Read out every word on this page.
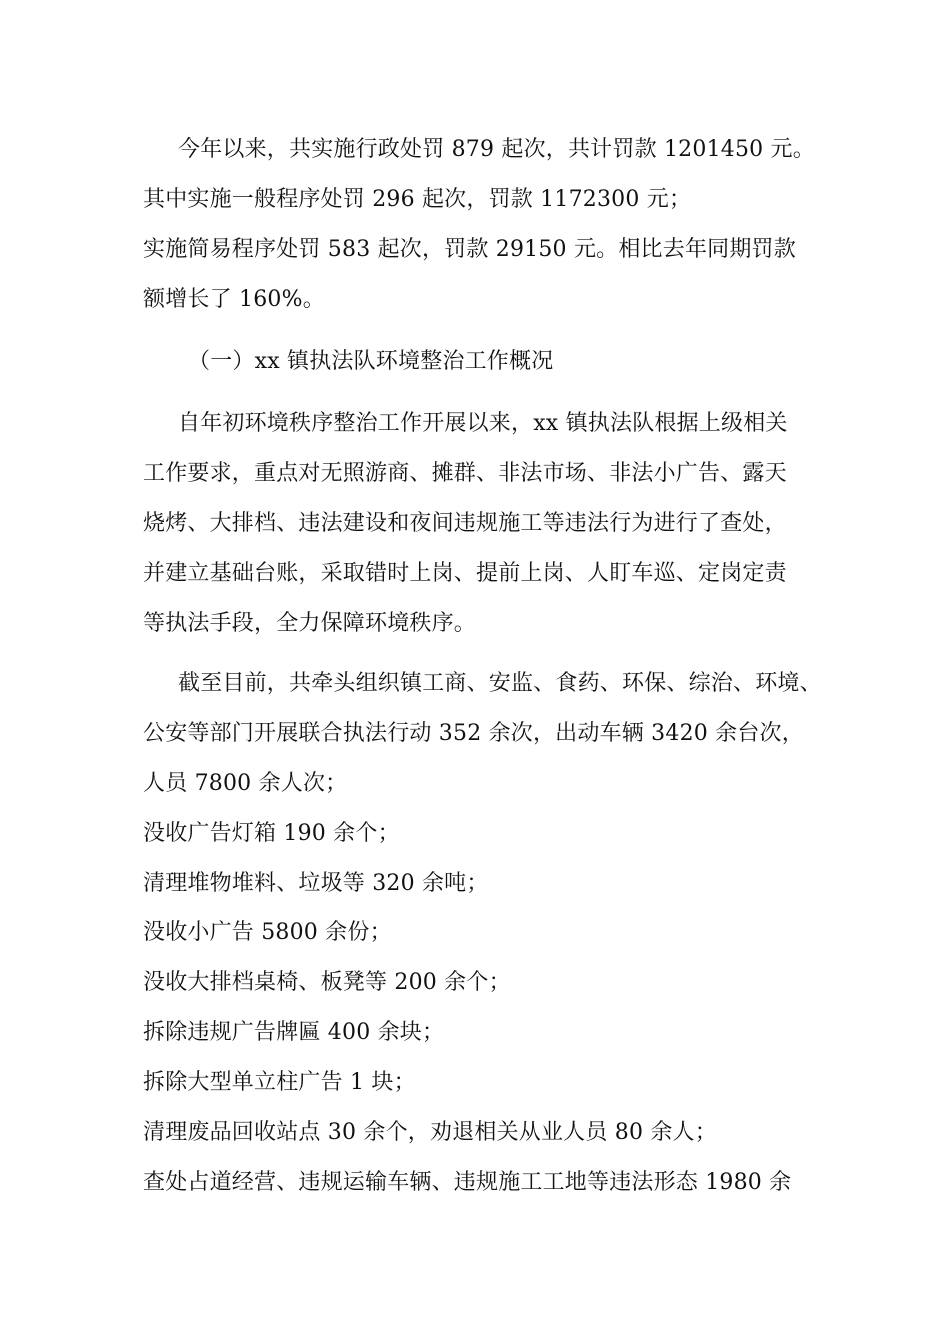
今年以来，共实施行政处罚 879 起次，共计罚款 1201450 元。
其中实施一般程序处罚 296 起次，罚款 1172300 元；
实施简易程序处罚 583 起次，罚款 29150 元。相比去年同期罚款
额增长了 160%。
（一）xx 镇执法队环境整治工作概况
自年初环境秩序整治工作开展以来，xx 镇执法队根据上级相关
工作要求，重点对无照游商、摊群、非法市场、非法小广告、露天
烧烤、大排档、违法建设和夜间违规施工等违法行为进行了查处，
并建立基础台账，采取错时上岗、提前上岗、人盯车巡、定岗定责
等执法手段，全力保障环境秩序。
截至目前，共牵头组织镇工商、安监、食药、环保、综治、环境、
公安等部门开展联合执法行动 352 余次，出动车辆 3420 余台次，
人员 7800 余人次；
没收广告灯箱 190 余个；
清理堆物堆料、垃圾等 320 余吨；
没收小广告 5800 余份；
没收大排档桌椅、板凳等 200 余个；
拆除违规广告牌匾 400 余块；
拆除大型单立柱广告 1 块；
清理废品回收站点 30 余个，劝退相关从业人员 80 余人；
查处占道经营、违规运输车辆、违规施工工地等违法形态 1980 余
